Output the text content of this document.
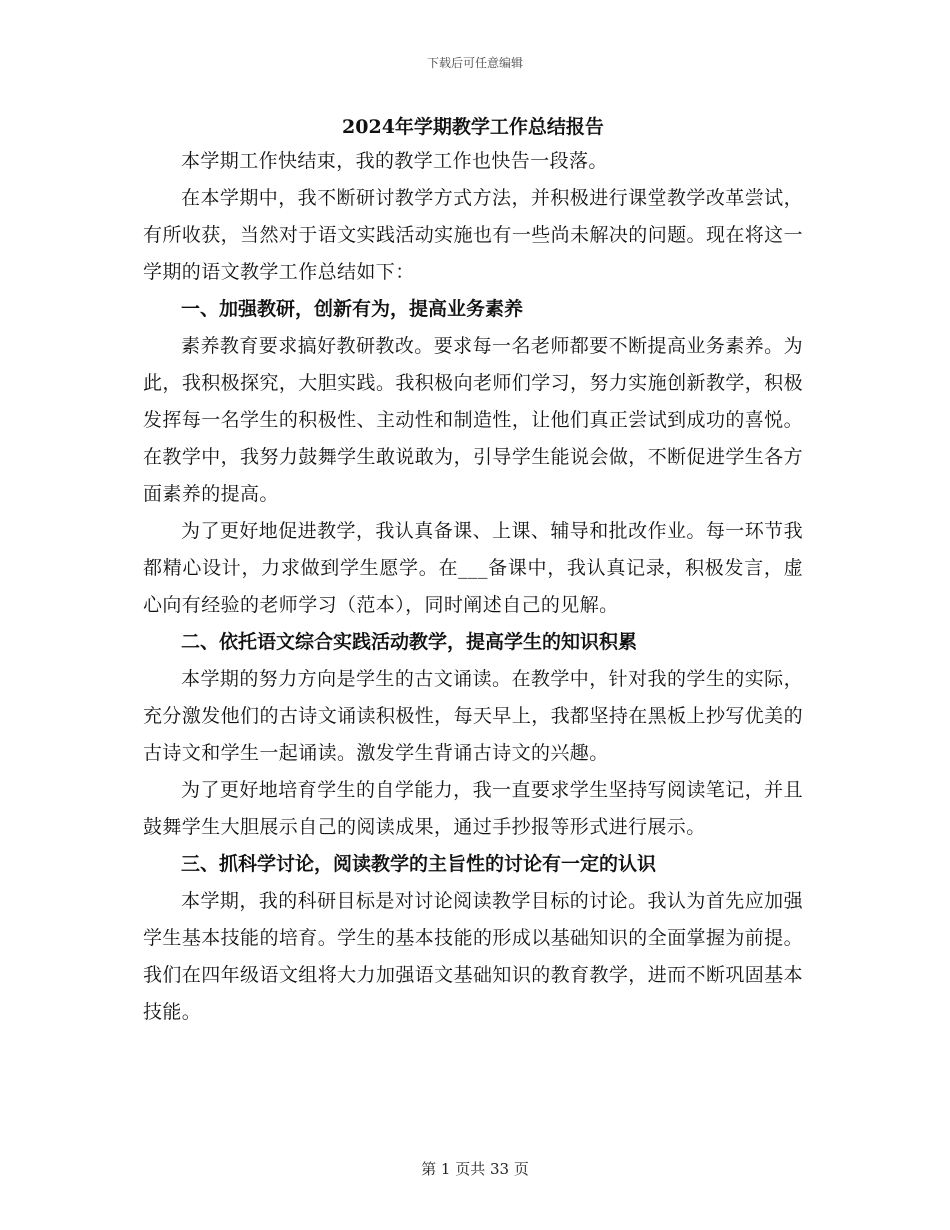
下载后可任意编辑
2024年学期教学工作总结报告
本学期工作快结束，我的教学工作也快告一段落。
在本学期中，我不断研讨教学方式方法，并积极进行课堂教学改革尝试，有所收获，当然对于语文实践活动实施也有一些尚未解决的问题。现在将这一学期的语文教学工作总结如下：
一、加强教研，创新有为，提高业务素养
素养教育要求搞好教研教改。要求每一名老师都要不断提高业务素养。为此，我积极探究，大胆实践。我积极向老师们学习，努力实施创新教学，积极发挥每一名学生的积极性、主动性和制造性，让他们真正尝试到成功的喜悦。在教学中，我努力鼓舞学生敢说敢为，引导学生能说会做，不断促进学生各方面素养的提高。
为了更好地促进教学，我认真备课、上课、辅导和批改作业。每一环节我都精心设计，力求做到学生愿学。在___备课中，我认真记录，积极发言，虚心向有经验的老师学习（范本），同时阐述自己的见解。
二、依托语文综合实践活动教学，提高学生的知识积累
本学期的努力方向是学生的古文诵读。在教学中，针对我的学生的实际，充分激发他们的古诗文诵读积极性，每天早上，我都坚持在黑板上抄写优美的古诗文和学生一起诵读。激发学生背诵古诗文的兴趣。
为了更好地培育学生的自学能力，我一直要求学生坚持写阅读笔记，并且鼓舞学生大胆展示自己的阅读成果，通过手抄报等形式进行展示。
三、抓科学讨论，阅读教学的主旨性的讨论有一定的认识
本学期，我的科研目标是对讨论阅读教学目标的讨论。我认为首先应加强学生基本技能的培育。学生的基本技能的形成以基础知识的全面掌握为前提。我们在四年级语文组将大力加强语文基础知识的教育教学，进而不断巩固基本技能。
第 1 页共 33 页
